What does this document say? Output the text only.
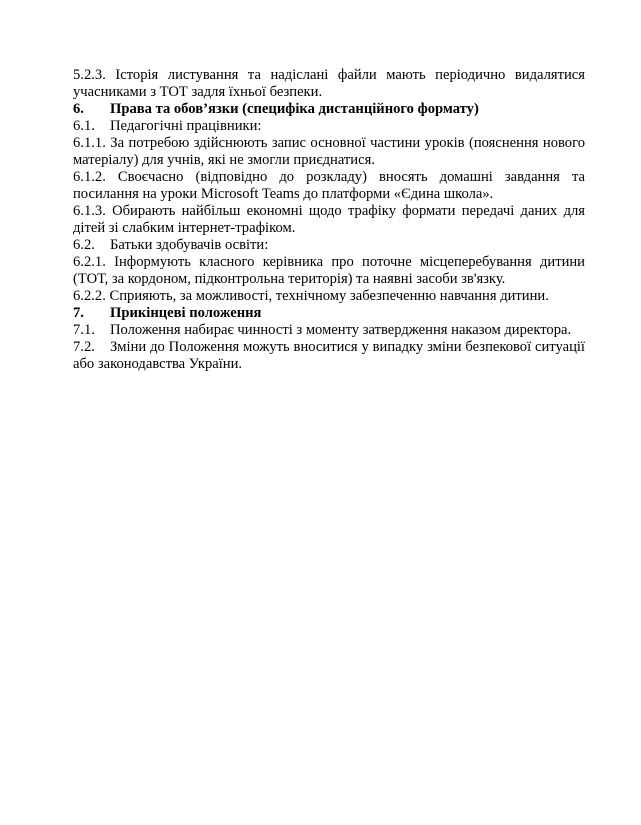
5.2.3. Історія листування та надіслані файли мають періодично видалятися учасниками з ТОТ задля їхньої безпеки.

6. Права та обов’язки (специфіка дистанційного формату)

6.1. Педагогічні працівники:

6.1.1. За потребою здійснюють запис основної частини уроків (пояснення нового матеріалу) для учнів, які не змогли приєднатися.

6.1.2. Своєчасно (відповідно до розкладу) вносять домашні завдання та посилання на уроки Microsoft Teams до платформи «Єдина школа».

6.1.3. Обирають найбільш економні щодо трафіку формати передачі даних для дітей зі слабким інтернет-трафіком.

6.2. Батьки здобувачів освіти:

6.2.1. Інформують класного керівника про поточне місцеперебування дитини (ТОТ, за кордоном, підконтрольна територія) та наявні засоби зв'язку.

6.2.2. Сприяють, за можливості, технічному забезпеченню навчання дитини.

7. Прикінцеві положення

7.1. Положення набирає чинності з моменту затвердження наказом директора.

7.2. Зміни до Положення можуть вноситися у випадку зміни безпекової ситуації або законодавства України.
